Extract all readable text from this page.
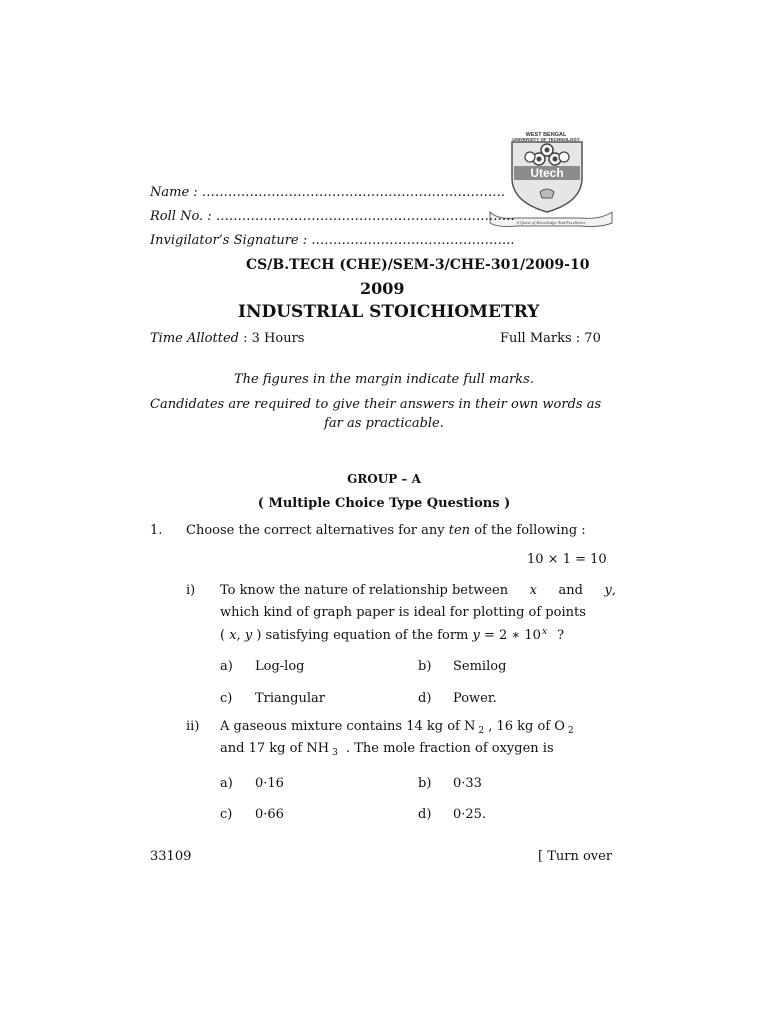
WEST BENGAL
UNIVERSITY OF TECHNOLOGY
Utech
A Quest of Knowledge And Excellence
Name : …………………………………………………………….
Roll No. : ……………………………………………………………
Invigilator’s Signature : ………………………………………..
CS/B.TECH (CHE)/SEM-3/CHE-301/2009-10
2009
INDUSTRIAL STOICHIOMETRY
Time Allotted : 3 Hours	Full Marks : 70
The figures in the margin indicate full marks.
Candidates are required to give their answers in their own words as
far as practicable.
GROUP – A
( Multiple Choice Type Questions )
1. Choose the correct alternatives for any ten of the following :
10 × 1 = 10
i) To know the nature of relationship between x and y,
which kind of graph paper is ideal for plotting of points
( x, y ) satisfying equation of the form y = 2 ∗ 10$^x$ ?
a) Log-log	b) Semilog
c) Triangular	d) Power.
ii) A gaseous mixture contains 14 kg of N $_2$ , 16 kg of O $_2$
and 17 kg of NH $_3$ . The mole fraction of oxygen is
a) 0·16	b) 0·33
c) 0·66	d) 0·25.
33109	[ Turn over
